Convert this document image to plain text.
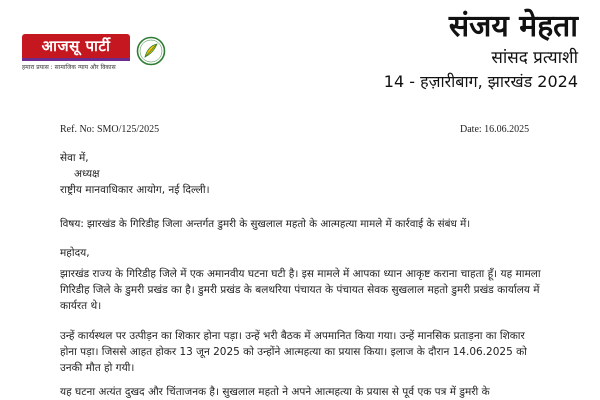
आजसू पार्टी
हमारा प्रयास : सामाजिक न्याय और विकास
संजय मेहता
सांसद प्रत्याशी
14 - हज़ारीबाग, झारखंड 2024
Ref. No: SMO/125/2025	Date: 16.06.2025
सेवा में,
अध्यक्ष
राष्ट्रीय मानवाधिकार आयोग, नई दिल्ली।
विषय: झारखंड के गिरिडीह जिला अन्तर्गत डुमरी के सुखलाल महतो के आत्महत्या मामले में कार्रवाई के संबंध में।
महोदय,
झारखंड राज्य के गिरिडीह जिले में एक अमानवीय घटना घटी है। इस मामले में आपका ध्यान आकृष्ट कराना चाहता हूँ। यह मामला गिरिडीह जिले के डुमरी प्रखंड का है। डुमरी प्रखंड के बलथरिया पंचायत के पंचायत सेवक सुखलाल महतो डुमरी प्रखंड कार्यालय में कार्यरत थे।
उन्हें कार्यस्थल पर उत्पीड़न का शिकार होना पड़ा। उन्हें भरी बैठक में अपमानित किया गया। उन्हें मानसिक प्रताड़ना का शिकार होना पड़ा। जिससे आहत होकर 13 जून 2025 को उन्होंने आत्महत्या का प्रयास किया। इलाज के दौरान 14.06.2025 को उनकी मौत हो गयी।
यह घटना अत्यंत दुखद और चिंताजनक है। सुखलाल महतो ने अपने आत्महत्या के प्रयास से पूर्व एक पत्र में डुमरी के
